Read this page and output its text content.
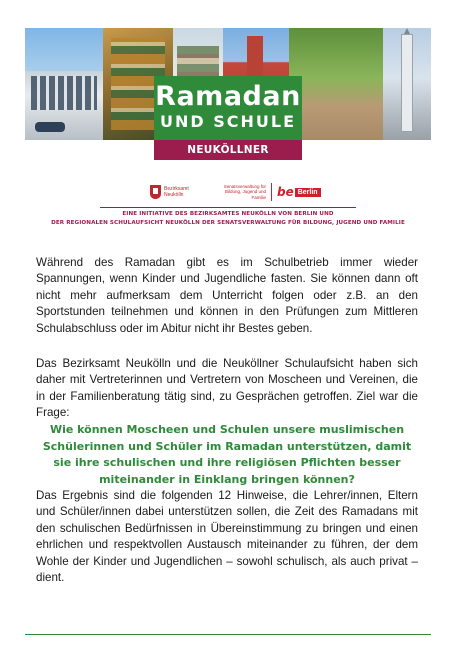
Ramadan
UND SCHULE
NEUKÖLLNER EMPFEHLUNG
Bezirksamt Neukölln
Senatsverwaltung für Bildung, Jugend und Familie be Berlin
EINE INITIATIVE DES BEZIRKSAMTES NEUKÖLLN VON BERLIN UND
DER REGIONALEN SCHULAUFSICHT NEUKÖLLN DER SENATSVERWALTUNG FÜR BILDUNG, JUGEND UND FAMILIE

Während des Ramadan gibt es im Schulbetrieb immer wieder Spannungen, wenn Kinder und Jugendliche fasten. Sie können dann oft nicht mehr aufmerksam dem Unterricht folgen oder z.B. an den Sportstunden teilnehmen und können in den Prüfungen zum Mittleren Schulabschluss oder im Abitur nicht ihr Bestes geben.

Das Bezirksamt Neukölln und die Neuköllner Schulaufsicht haben sich daher mit Vertreterinnen und Vertretern von Moscheen und Vereinen, die in der Familienberatung tätig sind, zu Gesprächen getroffen. Ziel war die Frage:

Wie können Moscheen und Schulen unsere muslimischen Schülerinnen und Schüler im Ramadan unterstützen, damit sie ihre schulischen und ihre religiösen Pflichten besser miteinander in Einklang bringen können?

Das Ergebnis sind die folgenden 12 Hinweise, die Lehrer/innen, Eltern und Schüler/innen dabei unterstützen sollen, die Zeit des Ramadans mit den schulischen Bedürfnissen in Übereinstimmung zu bringen und einen ehrlichen und respektvollen Austausch miteinander zu führen, der dem Wohle der Kinder und Jugendlichen – sowohl schulisch, als auch privat – dient.
